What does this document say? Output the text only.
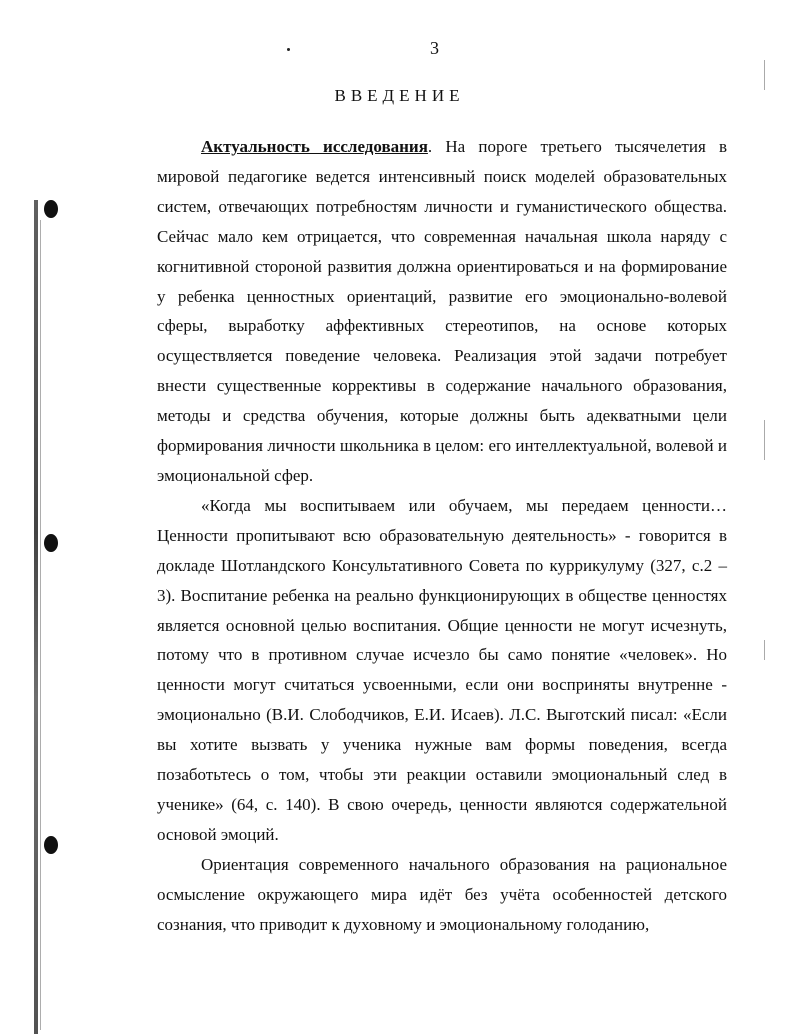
3
ВВЕДЕНИЕ

Актуальность исследования. На пороге третьего тысячелетия в мировой педагогике ведется интенсивный поиск моделей образовательных систем, отвечающих потребностям личности и гуманистического общества. Сейчас мало кем отрицается, что современная начальная школа наряду с когнитивной стороной развития должна ориентироваться и на формирование у ребенка ценностных ориентаций, развитие его эмоционально-волевой сферы, выработку аффективных стереотипов, на основе которых осуществляется поведение человека. Реализация этой задачи потребует внести существенные коррективы в содержание начального образования, методы и средства обучения, которые должны быть адекватными цели формирования личности школьника в целом: его интеллектуальной, волевой и эмоциональной сфер.

«Когда мы воспитываем или обучаем, мы передаем ценности… Ценности пропитывают всю образовательную деятельность» - говорится в докладе Шотландского Консультативного Совета по куррикулуму (327, с.2 – 3). Воспитание ребенка на реально функционирующих в обществе ценностях является основной целью воспитания. Общие ценности не могут исчезнуть, потому что в противном случае исчезло бы само понятие «человек». Но ценности могут считаться усвоенными, если они восприняты внутренне - эмоционально (В.И. Слободчиков, Е.И. Исаев). Л.С. Выготский писал: «Если вы хотите вызвать у ученика нужные вам формы поведения, всегда позаботьтесь о том, чтобы эти реакции оставили эмоциональный след в ученике» (64, с. 140). В свою очередь, ценности являются содержательной основой эмоций.

Ориентация современного начального образования на рациональное осмысление окружающего мира идёт без учёта особенностей детского сознания, что приводит к духовному и эмоциональному голоданию,
